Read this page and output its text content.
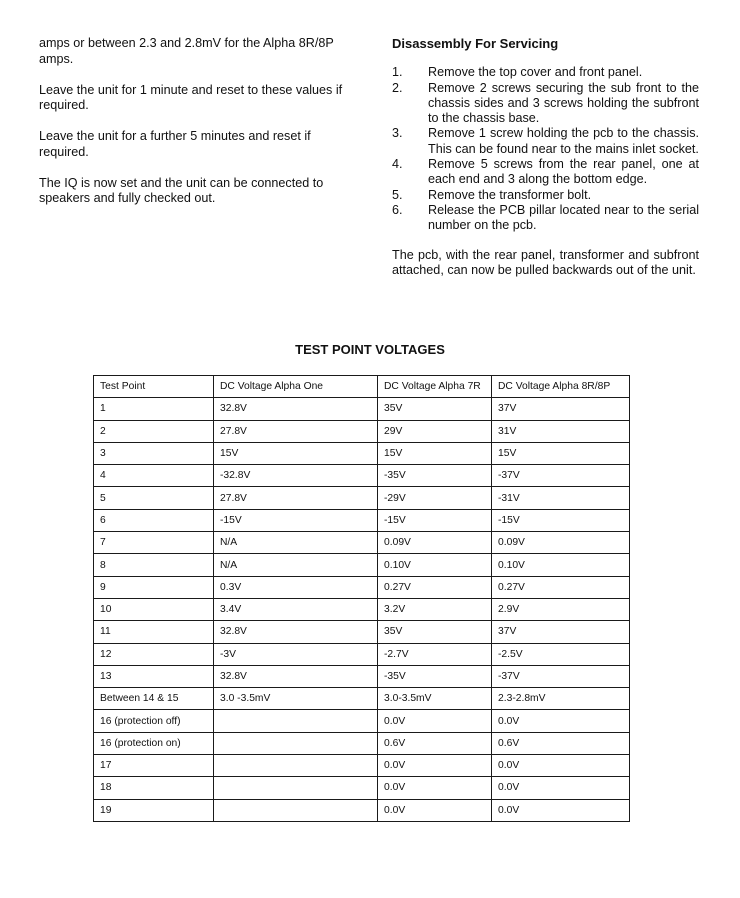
amps or between 2.3 and 2.8mV for the Alpha 8R/8P amps.

Leave the unit for 1 minute and reset to these values if required.

Leave the unit for a further 5 minutes and reset if required.

The IQ is now set and the unit can be connected to speakers and fully checked out.

Disassembly For Servicing
1.	Remove the top cover and front panel.
2.	Remove 2 screws securing the sub front to the chassis sides and 3 screws holding the subfront to the chassis base.
3.	Remove 1 screw holding the pcb to the chassis. This can be found near to the mains inlet socket.
4.	Remove 5 screws from the rear panel, one at each end and 3 along the bottom edge.
5.	Remove the transformer bolt.
6.	Release the PCB pillar located near to the serial number on the pcb.

The pcb, with the rear panel, transformer and subfront attached, can now be pulled backwards out of the unit.

TEST POINT VOLTAGES
Test Point	DC Voltage Alpha One	DC Voltage Alpha 7R	DC Voltage Alpha 8R/8P
1	32.8V	35V	37V
2	27.8V	29V	31V
3	15V	15V	15V
4	-32.8V	-35V	-37V
5	27.8V	-29V	-31V
6	-15V	-15V	-15V
7	N/A	0.09V	0.09V
8	N/A	0.10V	0.10V
9	0.3V	0.27V	0.27V
10	3.4V	3.2V	2.9V
11	32.8V	35V	37V
12	-3V	-2.7V	-2.5V
13	32.8V	-35V	-37V
Between 14 & 15	3.0 -3.5mV	3.0-3.5mV	2.3-2.8mV
16 (protection off)		0.0V	0.0V
16 (protection on)		0.6V	0.6V
17		0.0V	0.0V
18		0.0V	0.0V
19		0.0V	0.0V
